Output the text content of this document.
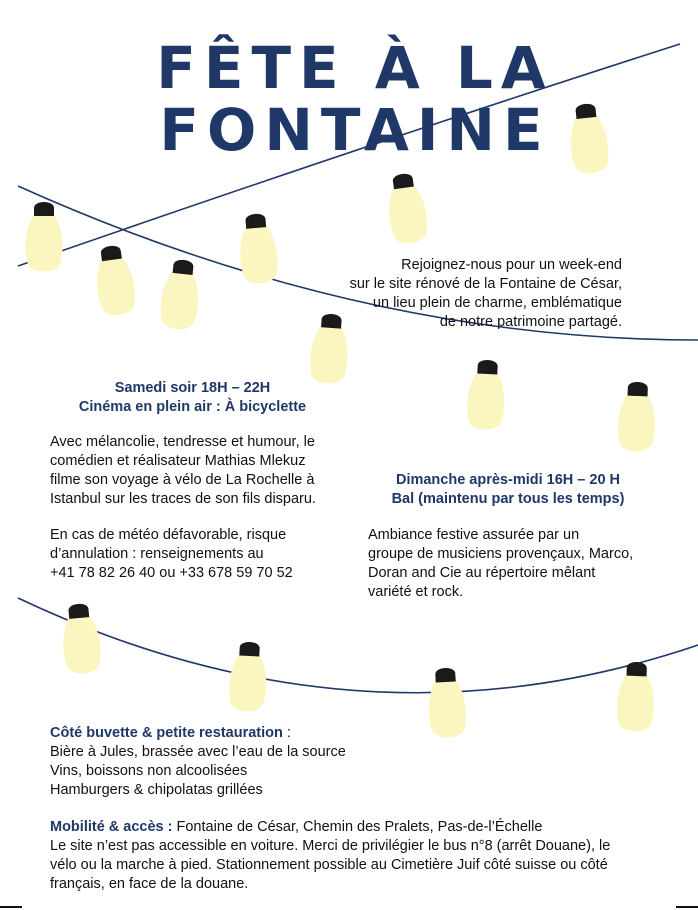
FÊTE À LA
FONTAINE

Rejoignez-nous pour un week-end
sur le site rénové de la Fontaine de César,
un lieu plein de charme, emblématique
de notre patrimoine partagé.

Samedi soir 18H – 22H
Cinéma en plein air : À bicyclette

Avec mélancolie, tendresse et humour, le
comédien et réalisateur Mathias Mlekuz
filme son voyage à vélo de La Rochelle à
Istanbul sur les traces de son fils disparu.

En cas de météo défavorable, risque
d’annulation : renseignements au
+41 78 82 26 40 ou +33 678 59 70 52

Dimanche après-midi 16H – 20 H
Bal (maintenu par tous les temps)

Ambiance festive assurée par un
groupe de musiciens provençaux, Marco,
Doran and Cie au répertoire mêlant
variété et rock.

Côté buvette & petite restauration :
Bière à Jules, brassée avec l’eau de la source
Vins, boissons non alcoolisées
Hamburgers & chipolatas grillées

Mobilité & accès : Fontaine de César, Chemin des Pralets, Pas-de-l’Échelle
Le site n’est pas accessible en voiture. Merci de privilégier le bus n°8 (arrêt Douane), le
vélo ou la marche à pied. Stationnement possible au Cimetière Juif côté suisse ou côté
français, en face de la douane.
